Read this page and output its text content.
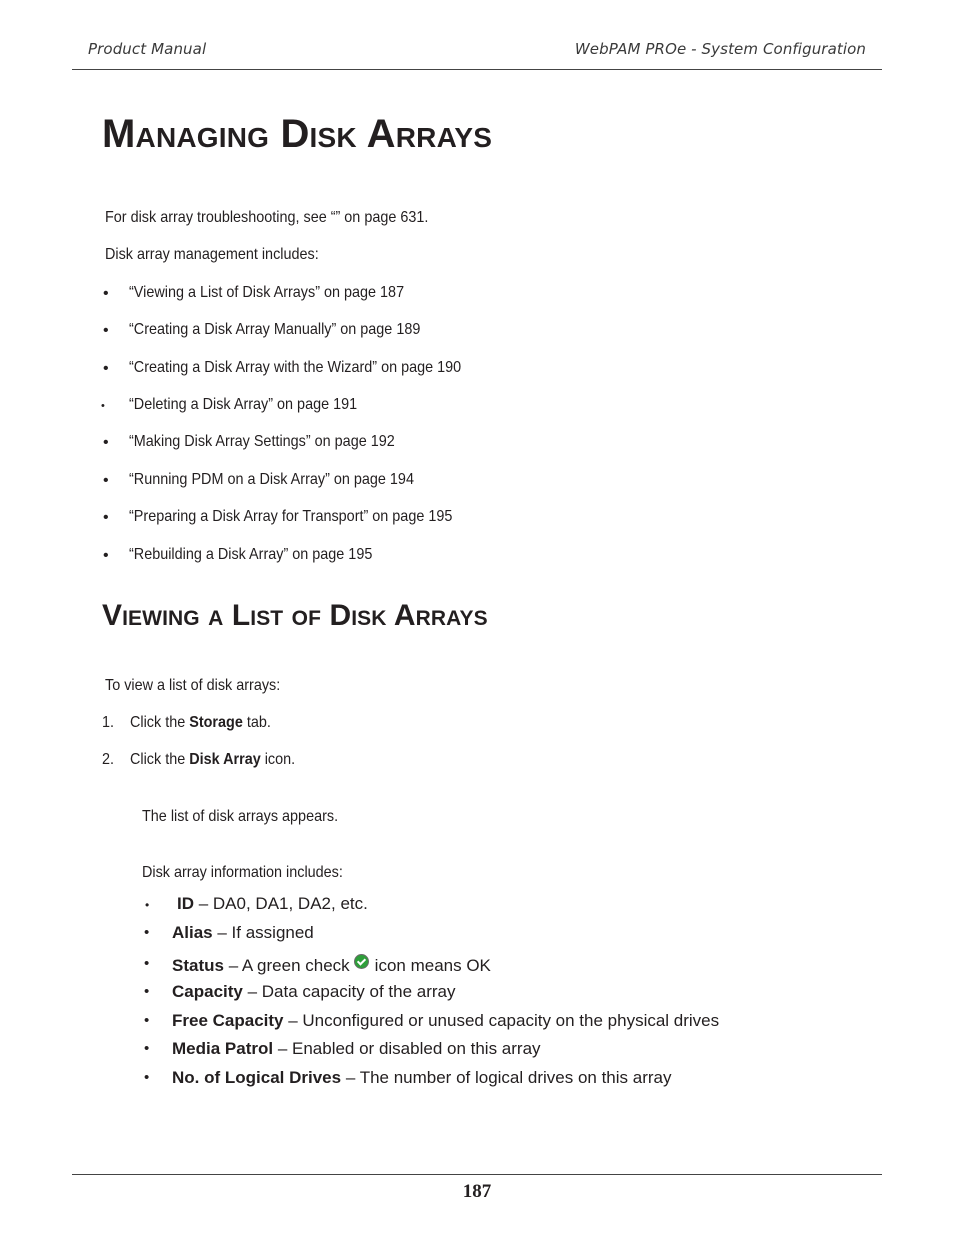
Product Manual	WebPAM PROe - System Configuration
Managing Disk Arrays
For disk array troubleshooting, see “” on page 631.
Disk array management includes:
• “Viewing a List of Disk Arrays” on page 187
• “Creating a Disk Array Manually” on page 189
• “Creating a Disk Array with the Wizard” on page 190
• “Deleting a Disk Array” on page 191
• “Making Disk Array Settings” on page 192
• “Running PDM on a Disk Array” on page 194
• “Preparing a Disk Array for Transport” on page 195
• “Rebuilding a Disk Array” on page 195
Viewing a List of Disk Arrays
To view a list of disk arrays:
1. Click the Storage tab.
2. Click the Disk Array icon.
The list of disk arrays appears.
Disk array information includes:
• ID – DA0, DA1, DA2, etc.
• Alias – If assigned
• Status – A green check icon means OK
• Capacity – Data capacity of the array
• Free Capacity – Unconfigured or unused capacity on the physical drives
• Media Patrol – Enabled or disabled on this array
• No. of Logical Drives – The number of logical drives on this array
187
